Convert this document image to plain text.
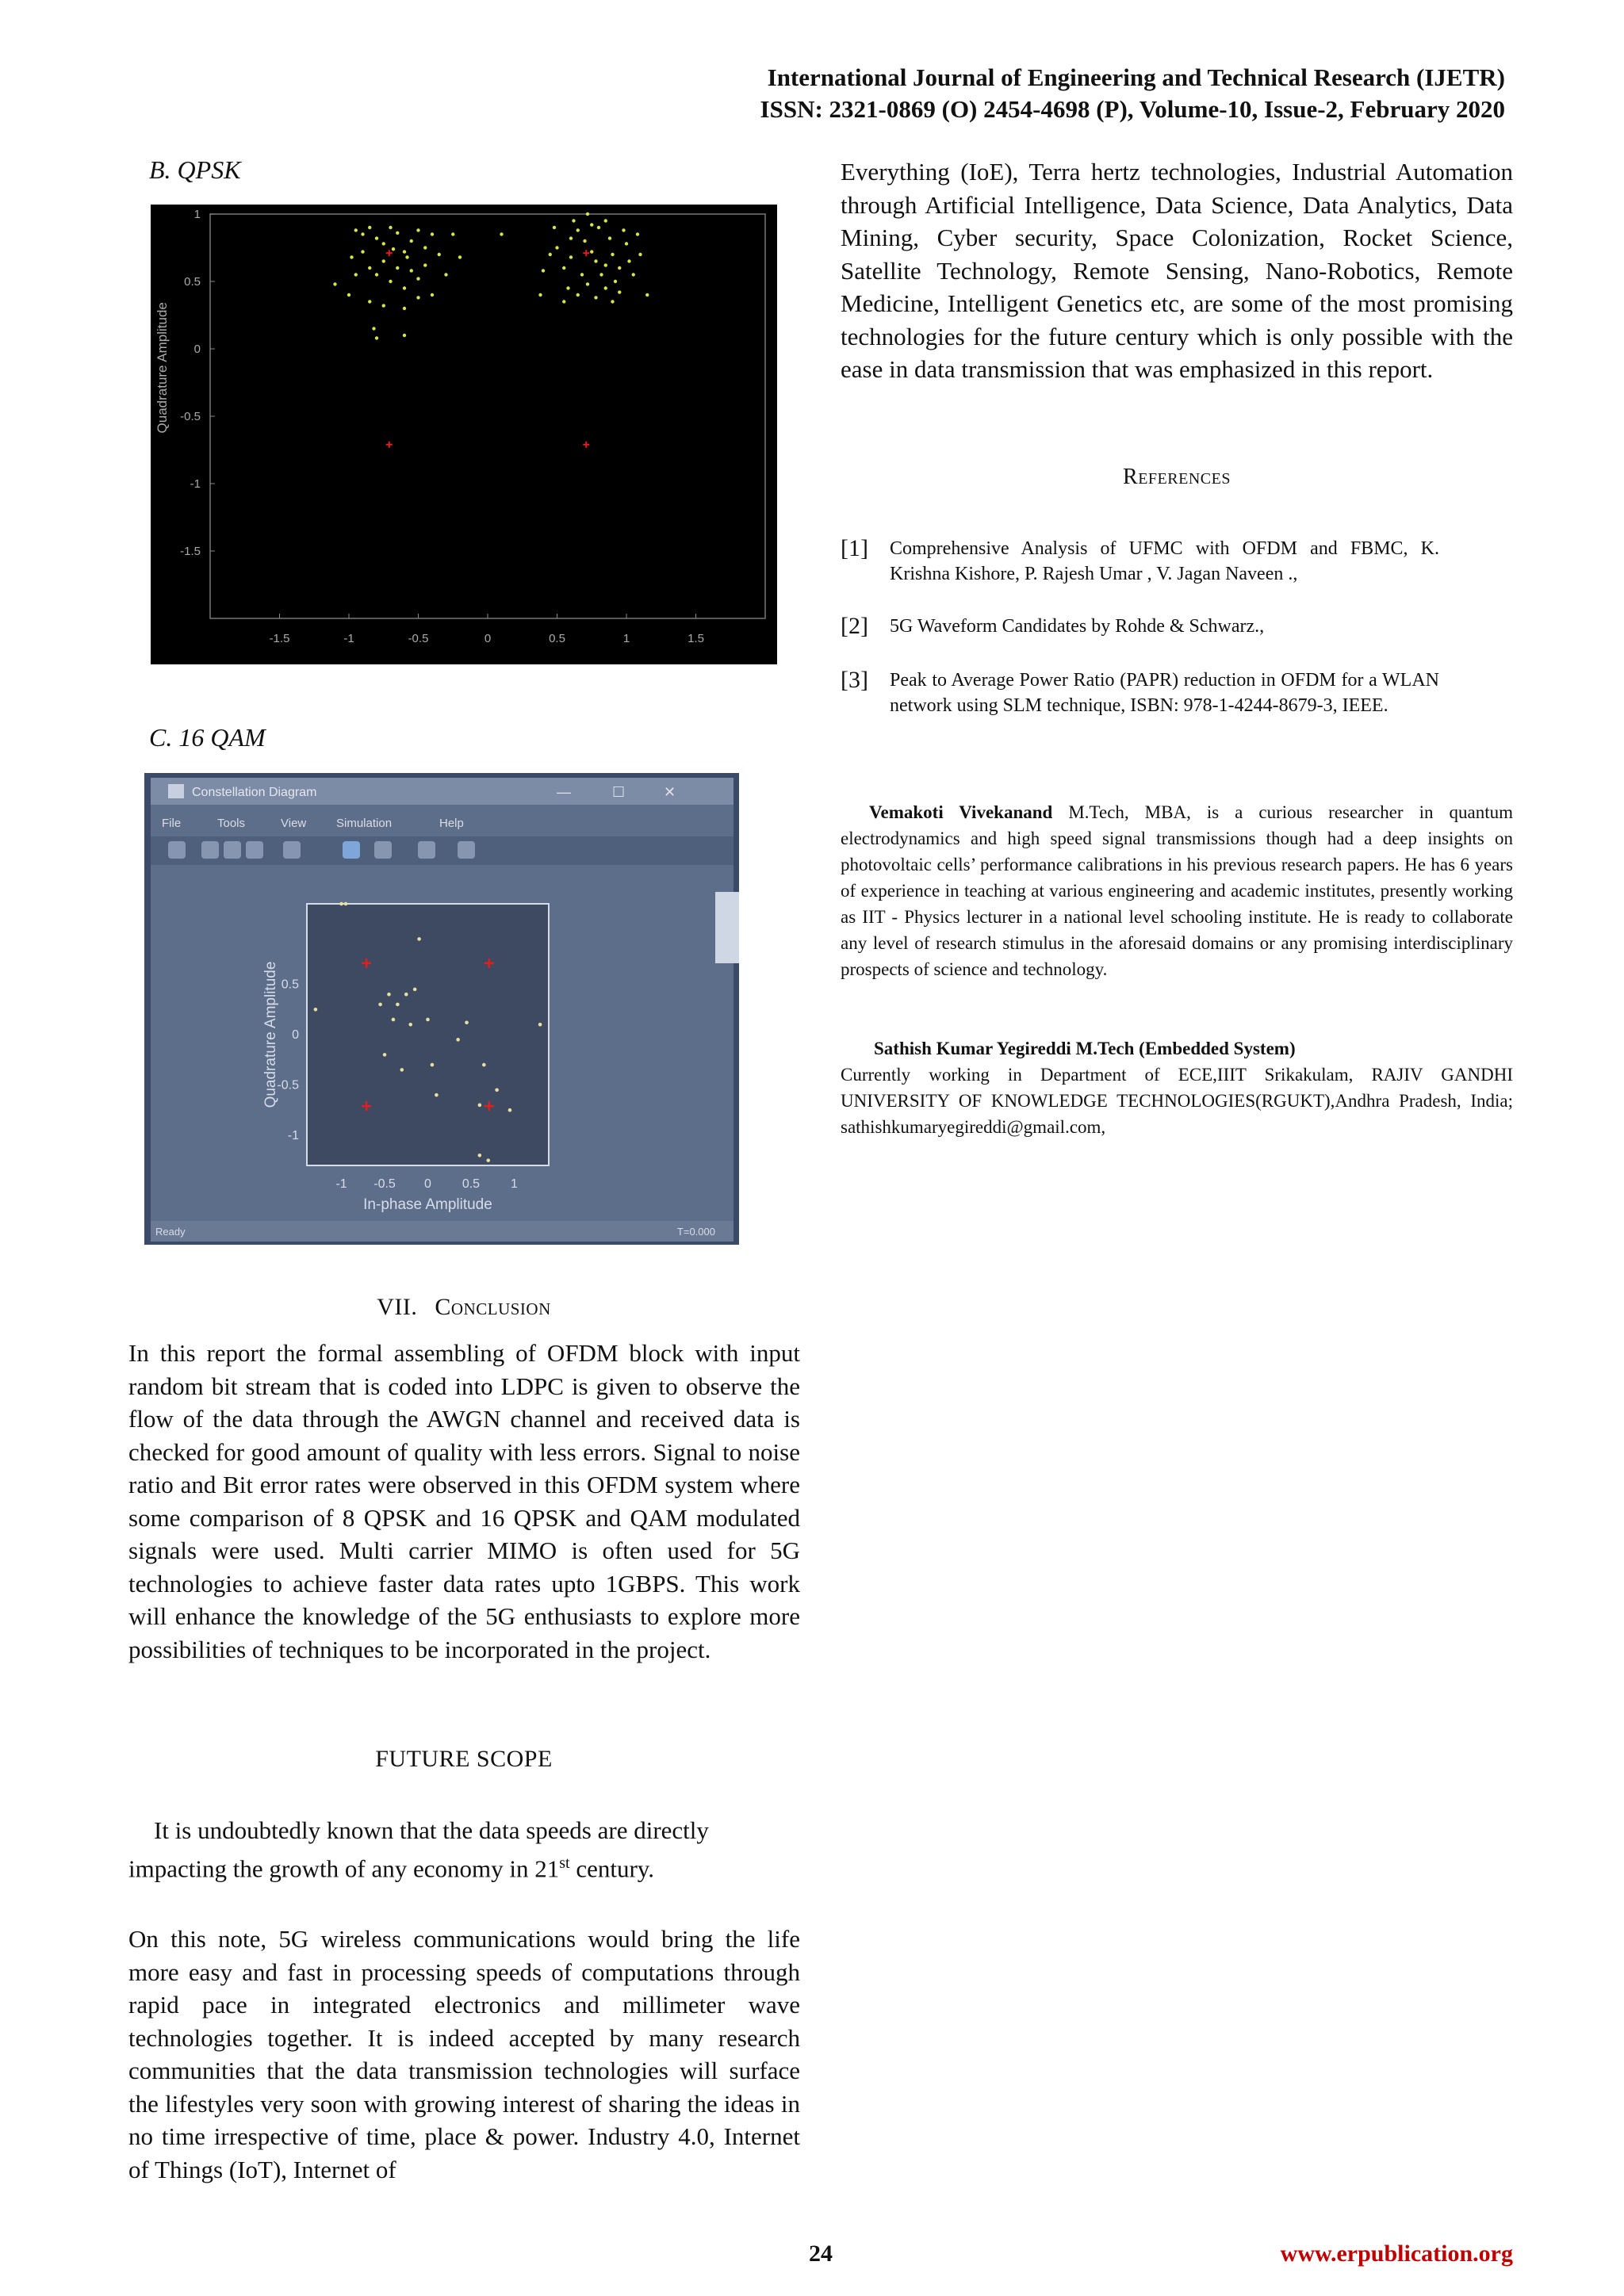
International Journal of Engineering and Technical Research (IJETR)
ISSN: 2321-0869 (O) 2454-4698 (P), Volume-10, Issue-2, February 2020
B. QPSK
-1.5	-1	-0.5	0	0.5	1	1.5
1
0.5
0
-0.5
-1
-1.5
Quadrature Amplitude
C. 16 QAM
Constellation Diagram	—	☐	✕
File	Tools	View	Simulation	Help
-1 -0.5 0 0.5 1
0.5
0
-0.5
-1
In-phase Amplitude
Quadrature Amplitude
Ready	T=0.000
VII. Conclusion
In this report the formal assembling of OFDM block with input random bit stream that is coded into LDPC is given to observe the flow of the data through the AWGN channel and received data is checked for good amount of quality with less errors. Signal to noise ratio and Bit error rates were observed in this OFDM system where some comparison of 8 QPSK and 16 QPSK and QAM modulated signals were used. Multi carrier MIMO is often used for 5G technologies to achieve faster data rates upto 1GBPS. This work will enhance the knowledge of the 5G enthusiasts to explore more possibilities of techniques to be incorporated in the project.
FUTURE SCOPE
It is undoubtedly known that the data speeds are directly impacting the growth of any economy in 21st century.
On this note, 5G wireless communications would bring the life more easy and fast in processing speeds of computations through rapid pace in integrated electronics and millimeter wave technologies together. It is indeed accepted by many research communities that the data transmission technologies will surface the lifestyles very soon with growing interest of sharing the ideas in no time irrespective of time, place & power. Industry 4.0, Internet of Things (IoT), Internet of
Everything (IoE), Terra hertz technologies, Industrial Automation through Artificial Intelligence, Data Science, Data Analytics, Data Mining, Cyber security, Space Colonization, Rocket Science, Satellite Technology, Remote Sensing, Nano-Robotics, Remote Medicine, Intelligent Genetics etc, are some of the most promising technologies for the future century which is only possible with the ease in data transmission that was emphasized in this report.
References
[1] Comprehensive Analysis of UFMC with OFDM and FBMC, K. Krishna Kishore, P. Rajesh Umar , V. Jagan Naveen .,
[2] 5G Waveform Candidates by Rohde & Schwarz.,
[3] Peak to Average Power Ratio (PAPR) reduction in OFDM for a WLAN network using SLM technique, ISBN: 978-1-4244-8679-3, IEEE.
Vemakoti Vivekanand M.Tech, MBA, is a curious researcher in quantum electrodynamics and high speed signal transmissions though had a deep insights on photovoltaic cells’ performance calibrations in his previous research papers. He has 6 years of experience in teaching at various engineering and academic institutes, presently working as IIT - Physics lecturer in a national level schooling institute. He is ready to collaborate any level of research stimulus in the aforesaid domains or any promising interdisciplinary prospects of science and technology.
Sathish Kumar Yegireddi M.Tech (Embedded System)
Currently working in Department of ECE,IIIT Srikakulam, RAJIV GANDHI UNIVERSITY OF KNOWLEDGE TECHNOLOGIES(RGUKT),Andhra Pradesh, India; sathishkumaryegireddi@gmail.com,
24	www.erpublication.org
